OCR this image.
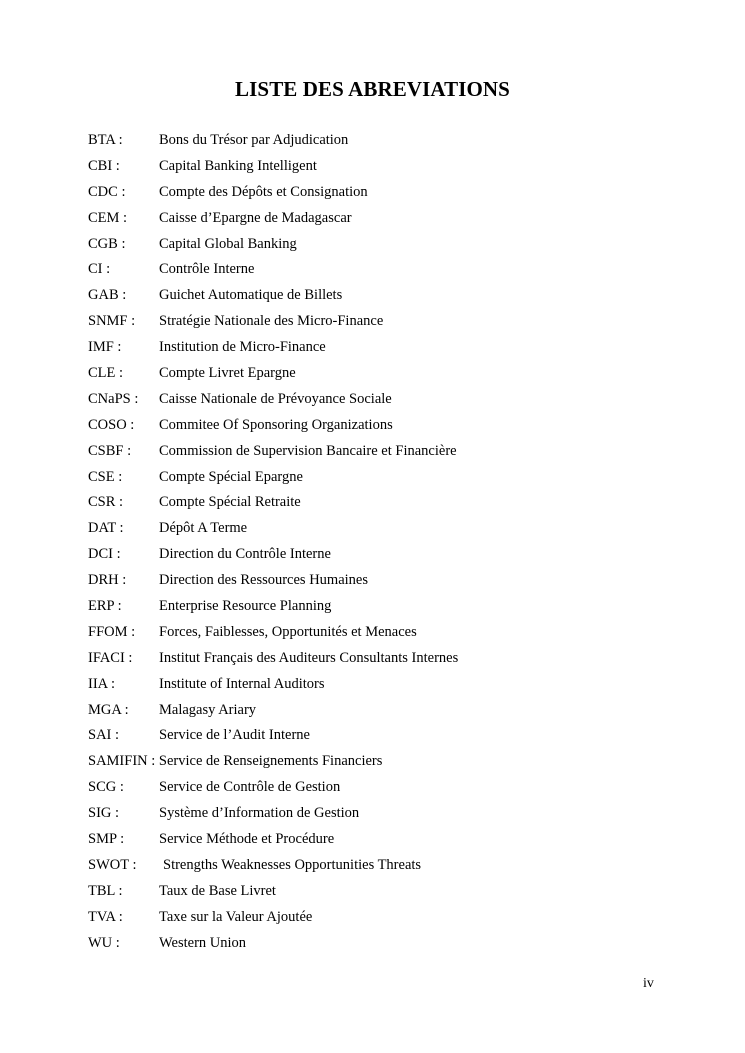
LISTE DES ABREVIATIONS
BTA :	Bons du Trésor par Adjudication
CBI :	Capital Banking Intelligent
CDC : Compte des Dépôts et Consignation
CEM : Caisse d’Epargne de Madagascar
CGB : Capital Global Banking
CI :	Contrôle Interne
GAB : Guichet Automatique de Billets
SNMF : Stratégie Nationale des Micro-Finance
IMF :	Institution de Micro-Finance
CLE : Compte Livret Epargne
CNaPS : Caisse Nationale de Prévoyance Sociale
COSO : Commitee Of Sponsoring Organizations
CSBF : Commission de Supervision Bancaire et Financière
CSE :	Compte Spécial Epargne
CSR : Compte Spécial Retraite
DAT : Dépôt A Terme
DCI :	Direction du Contrôle Interne
DRH : Direction des Ressources Humaines
ERP :	Enterprise Resource Planning
FFOM : Forces, Faiblesses, Opportunités et Menaces
IFACI : Institut Français des Auditeurs Consultants Internes
IIA :	Institute of Internal Auditors
MGA : Malagasy Ariary
SAI :	Service de l’Audit Interne
SAMIFIN : Service de Renseignements Financiers
SCG : Service de Contrôle de Gestion
SIG :	Système d’Information de Gestion
SMP : Service Méthode et Procédure
SWOT : Strengths Weaknesses Opportunities Threats
TBL :	Taux de Base Livret
TVA : Taxe sur la Valeur Ajoutée
WU :	Western Union
iv
